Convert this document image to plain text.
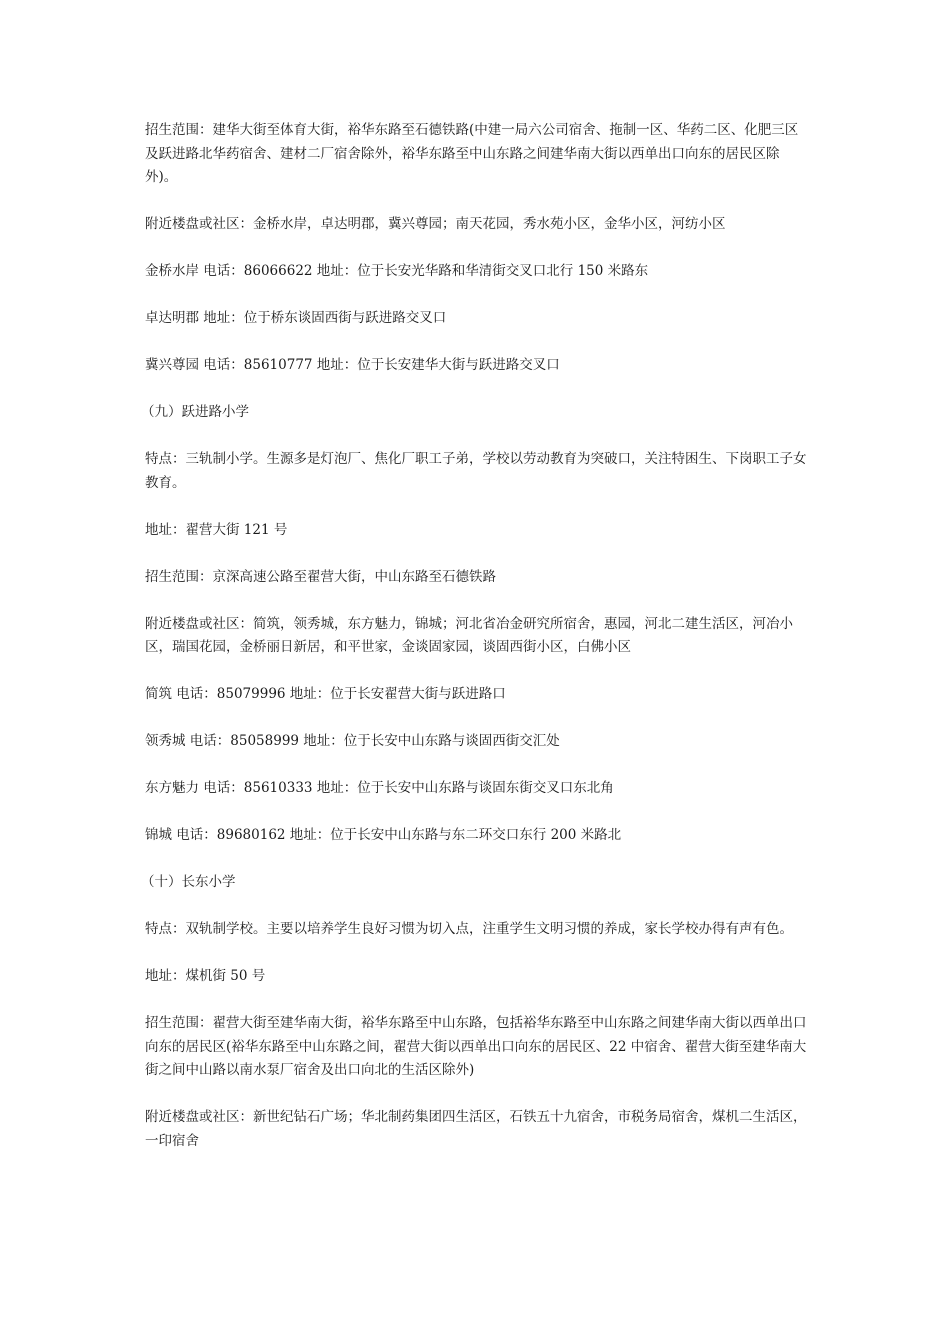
招生范围：建华大街至体育大街，裕华东路至石德铁路(中建一局六公司宿舍、拖制一区、华药二区、化肥三区及跃进路北华药宿舍、建材二厂宿舍除外，裕华东路至中山东路之间建华南大街以西单出口向东的居民区除外)。

附近楼盘或社区：金桥水岸，卓达明郡，冀兴尊园；南天花园，秀水苑小区，金华小区，河纺小区

金桥水岸 电话：86066622 地址：位于长安光华路和华清街交叉口北行 150 米路东

卓达明郡 地址：位于桥东谈固西街与跃进路交叉口

冀兴尊园 电话：85610777 地址：位于长安建华大街与跃进路交叉口

（九）跃进路小学

特点：三轨制小学。生源多是灯泡厂、焦化厂职工子弟，学校以劳动教育为突破口，关注特困生、下岗职工子女教育。

地址：翟营大街 121 号

招生范围：京深高速公路至翟营大街，中山东路至石德铁路

附近楼盘或社区：简筑，领秀城，东方魅力，锦城；河北省冶金研究所宿舍，惠园，河北二建生活区，河冶小区，瑞国花园，金桥丽日新居，和平世家，金谈固家园，谈固西街小区，白佛小区

简筑 电话：85079996 地址：位于长安翟营大街与跃进路口

领秀城 电话：85058999 地址：位于长安中山东路与谈固西街交汇处

东方魅力 电话：85610333 地址：位于长安中山东路与谈固东街交叉口东北角

锦城 电话：89680162 地址：位于长安中山东路与东二环交口东行 200 米路北

（十）长东小学

特点：双轨制学校。主要以培养学生良好习惯为切入点，注重学生文明习惯的养成，家长学校办得有声有色。

地址：煤机街 50 号

招生范围：翟营大街至建华南大街，裕华东路至中山东路，包括裕华东路至中山东路之间建华南大街以西单出口向东的居民区(裕华东路至中山东路之间，翟营大街以西单出口向东的居民区、22 中宿舍、翟营大街至建华南大街之间中山路以南水泵厂宿舍及出口向北的生活区除外)

附近楼盘或社区：新世纪钻石广场；华北制药集团四生活区，石铁五十九宿舍，市税务局宿舍，煤机二生活区，一印宿舍
